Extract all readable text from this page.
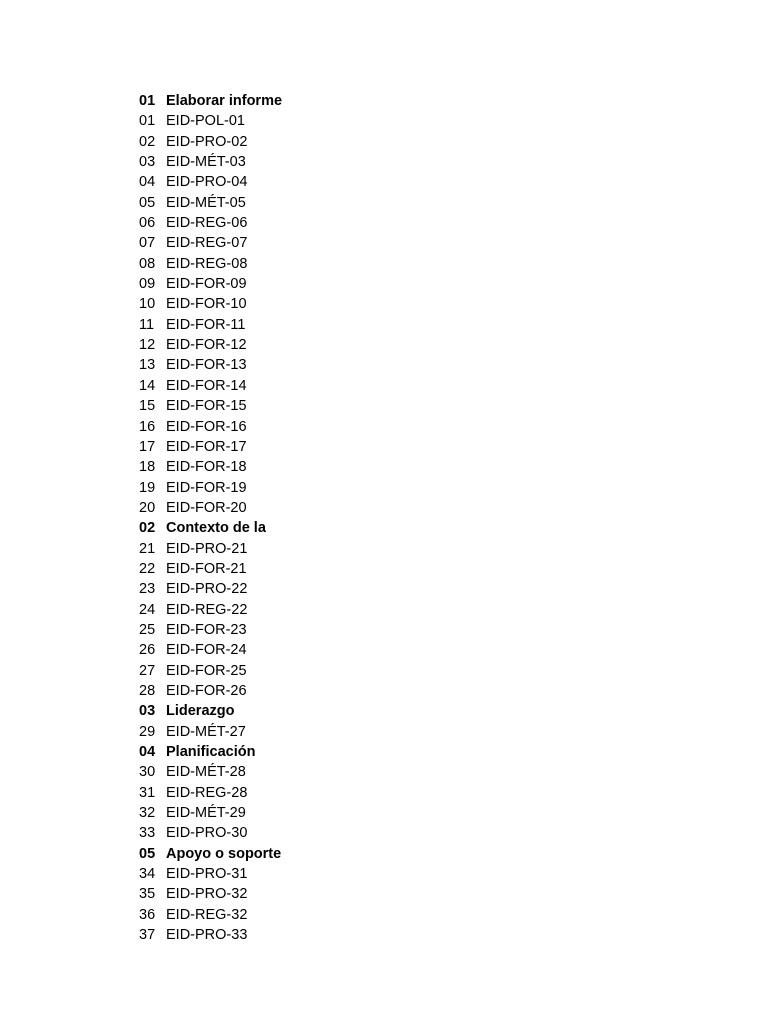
01 Elaborar informe
01 EID-POL-01
02 EID-PRO-02
03 EID-MÉT-03
04 EID-PRO-04
05 EID-MÉT-05
06 EID-REG-06
07 EID-REG-07
08 EID-REG-08
09 EID-FOR-09
10 EID-FOR-10
11 EID-FOR-11
12 EID-FOR-12
13 EID-FOR-13
14 EID-FOR-14
15 EID-FOR-15
16 EID-FOR-16
17 EID-FOR-17
18 EID-FOR-18
19 EID-FOR-19
20 EID-FOR-20
02 Contexto de la
21 EID-PRO-21
22 EID-FOR-21
23 EID-PRO-22
24 EID-REG-22
25 EID-FOR-23
26 EID-FOR-24
27 EID-FOR-25
28 EID-FOR-26
03 Liderazgo
29 EID-MÉT-27
04 Planificación
30 EID-MÉT-28
31 EID-REG-28
32 EID-MÉT-29
33 EID-PRO-30
05 Apoyo o soporte
34 EID-PRO-31
35 EID-PRO-32
36 EID-REG-32
37 EID-PRO-33
